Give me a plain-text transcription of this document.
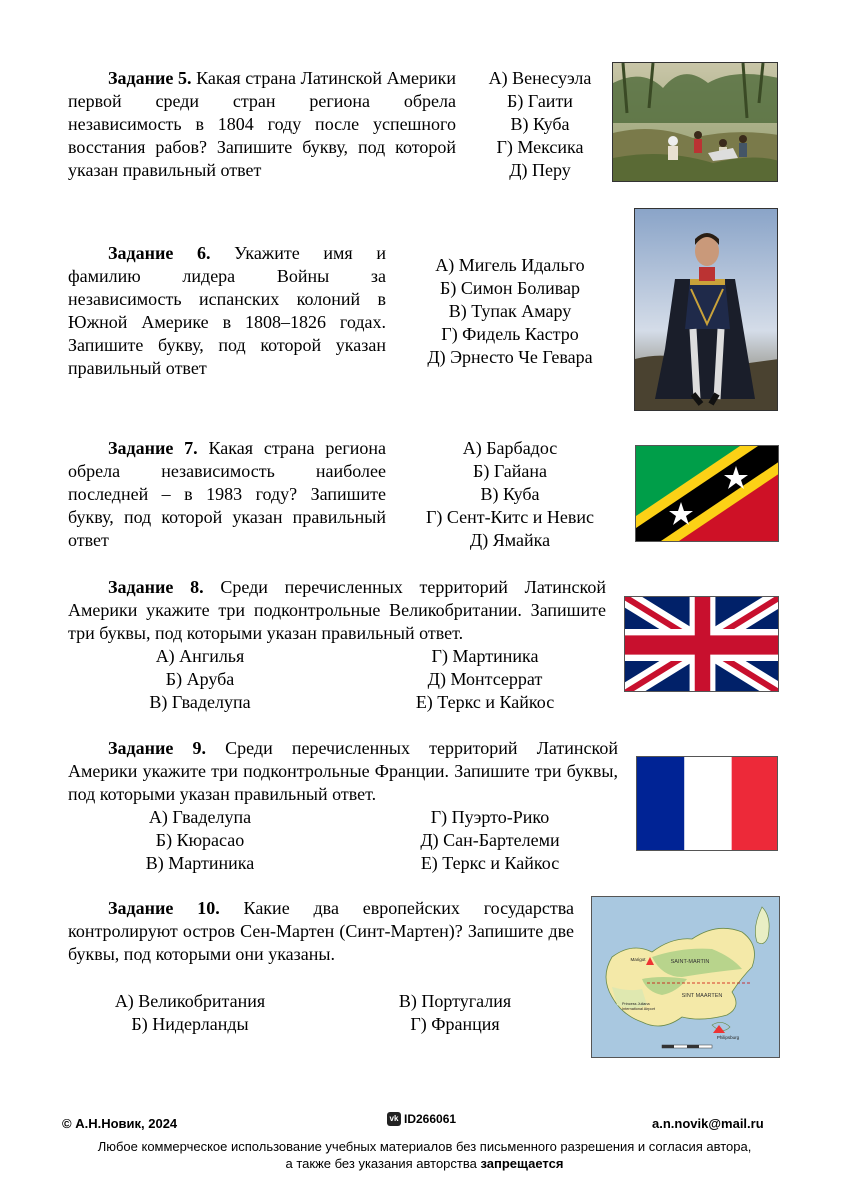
Задание 5. Какая страна Латинской Америки первой среди стран региона обрела независимость в 1804 году после успешного восстания рабов? Запишите букву, под которой указан правильный ответ

А) Венесуэла
Б) Гаити
В) Куба
Г) Мексика
Д) Перу

Задание 6. Укажите имя и фамилию лидера Войны за независимость испанских колоний в Южной Америке в 1808–1826 годах. Запишите букву, под которой указан правильный ответ

А) Мигель Идальго
Б) Симон Боливар
В) Тупак Амару
Г) Фидель Кастро
Д) Эрнесто Че Гевара

Задание 7. Какая страна региона обрела независимость наиболее последней – в 1983 году? Запишите букву, под которой указан правильный ответ

А) Барбадос
Б) Гайана
В) Куба
Г) Сент-Китс и Невис
Д) Ямайка

Задание 8. Среди перечисленных территорий Латинской Америки укажите три подконтрольные Великобритании. Запишите три буквы, под которыми указан правильный ответ.

А) Ангилья
Б) Аруба
В) Гваделупа
Г) Мартиника
Д) Монтсеррат
Е) Теркс и Кайкос

Задание 9. Среди перечисленных территорий Латинской Америки укажите три подконтрольные Франции. Запишите три буквы, под которыми указан правильный ответ.

А) Гваделупа
Б) Кюрасао
В) Мартиника
Г) Пуэрто-Рико
Д) Сан-Бартелеми
Е) Теркс и Кайкос

Задание 10. Какие два европейских государства контролируют остров Сен-Мартен (Синт-Мартен)? Запишите две буквы, под которыми они указаны.

А) Великобритания
Б) Нидерланды
В) Португалия
Г) Франция
SAINT-MARTIN
SINT MAARTEN
Marigot
Philipsburg
Princess Juliana International Airport
© А.Н.Новик, 2024	vk ID266061	a.n.novik@mail.ru
Любое коммерческое использование учебных материалов без письменного разрешения и согласия автора,
а также без указания авторства запрещается
